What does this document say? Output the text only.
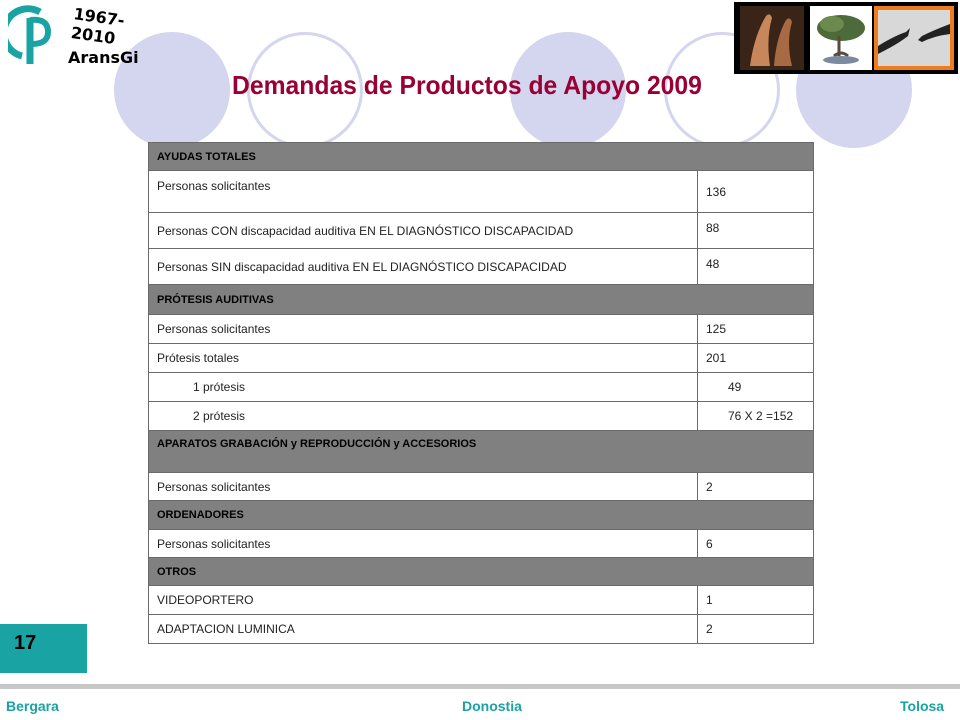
1967-2010
AransGi
Demandas de Productos de Apoyo 2009
AYUDAS TOTALES	
Personas solicitantes	136
Personas CON discapacidad auditiva EN EL DIAGNÓSTICO DISCAPACIDAD	88
Personas SIN discapacidad auditiva EN EL DIAGNÓSTICO DISCAPACIDAD	48
PRÓTESIS AUDITIVAS	
Personas solicitantes	125
Prótesis totales	201
1 prótesis	49
2 prótesis	76 X 2 =152
APARATOS GRABACIÓN y REPRODUCCIÓN y ACCESORIOS	
Personas solicitantes	2
ORDENADORES	
Personas solicitantes	6
OTROS	
VIDEOPORTERO	1
ADAPTACION LUMINICA	2
17
Bergara	Donostia	Tolosa
